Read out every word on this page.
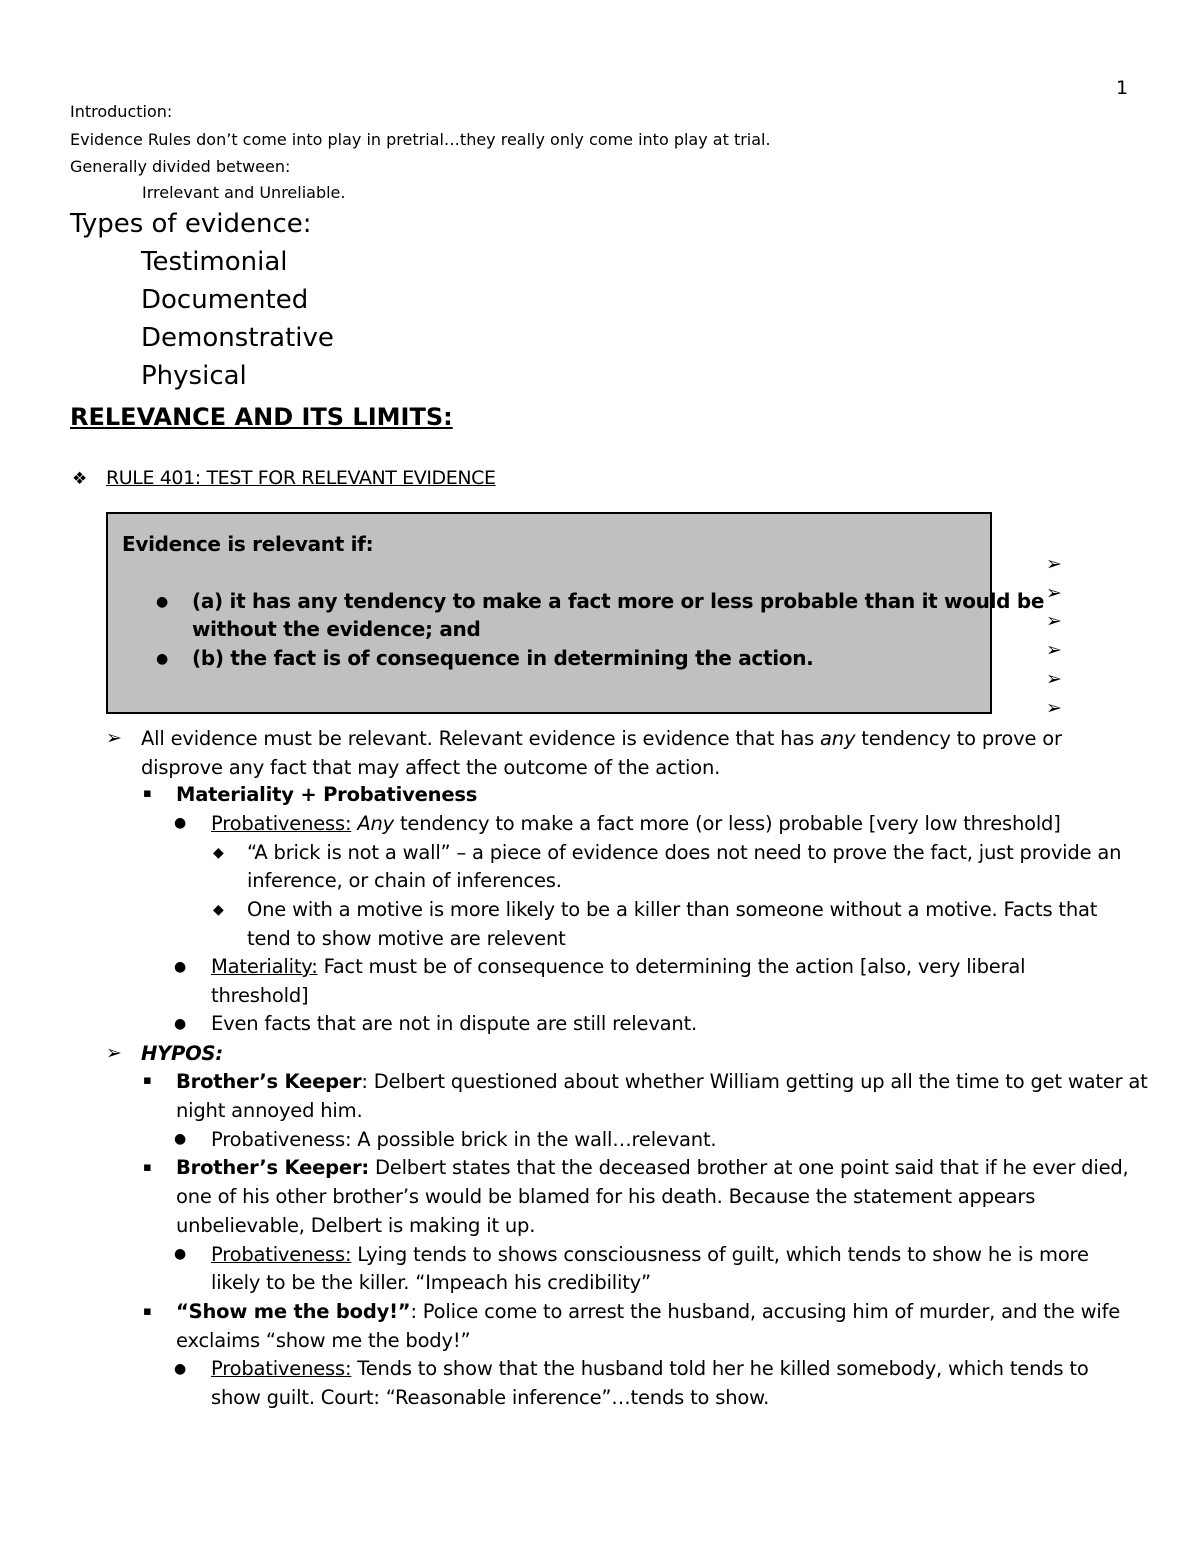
1
Introduction:
Evidence Rules don’t come into play in pretrial…they really only come into play at trial.
Generally divided between:
Irrelevant and Unreliable.
Types of evidence:
Testimonial
Documented
Demonstrative
Physical
RELEVANCE AND ITS LIMITS:
❖ RULE 401: TEST FOR RELEVANT EVIDENCE
Evidence is relevant if:
● (a) it has any tendency to make a fact more or less probable than it would be
without the evidence; and
● (b) the fact is of consequence in determining the action.
➢
➢
➢
➢
➢
➢
➢ All evidence must be relevant. Relevant evidence is evidence that has any tendency to prove or
disprove any fact that may affect the outcome of the action.
▪ Materiality + Probativeness
● Probativeness: Any tendency to make a fact more (or less) probable [very low threshold]
◆ “A brick is not a wall” – a piece of evidence does not need to prove the fact, just provide an
inference, or chain of inferences.
◆ One with a motive is more likely to be a killer than someone without a motive. Facts that
tend to show motive are relevent
● Materiality: Fact must be of consequence to determining the action [also, very liberal
threshold]
● Even facts that are not in dispute are still relevant.
➢ HYPOS:
▪ Brother’s Keeper: Delbert questioned about whether William getting up all the time to get water at
night annoyed him.
● Probativeness: A possible brick in the wall…relevant.
▪ Brother’s Keeper: Delbert states that the deceased brother at one point said that if he ever died,
one of his other brother’s would be blamed for his death. Because the statement appears
unbelievable, Delbert is making it up.
● Probativeness: Lying tends to shows consciousness of guilt, which tends to show he is more
likely to be the killer. “Impeach his credibility”
▪ “Show me the body!”: Police come to arrest the husband, accusing him of murder, and the wife
exclaims “show me the body!”
● Probativeness: Tends to show that the husband told her he killed somebody, which tends to
show guilt. Court: “Reasonable inference”…tends to show.
